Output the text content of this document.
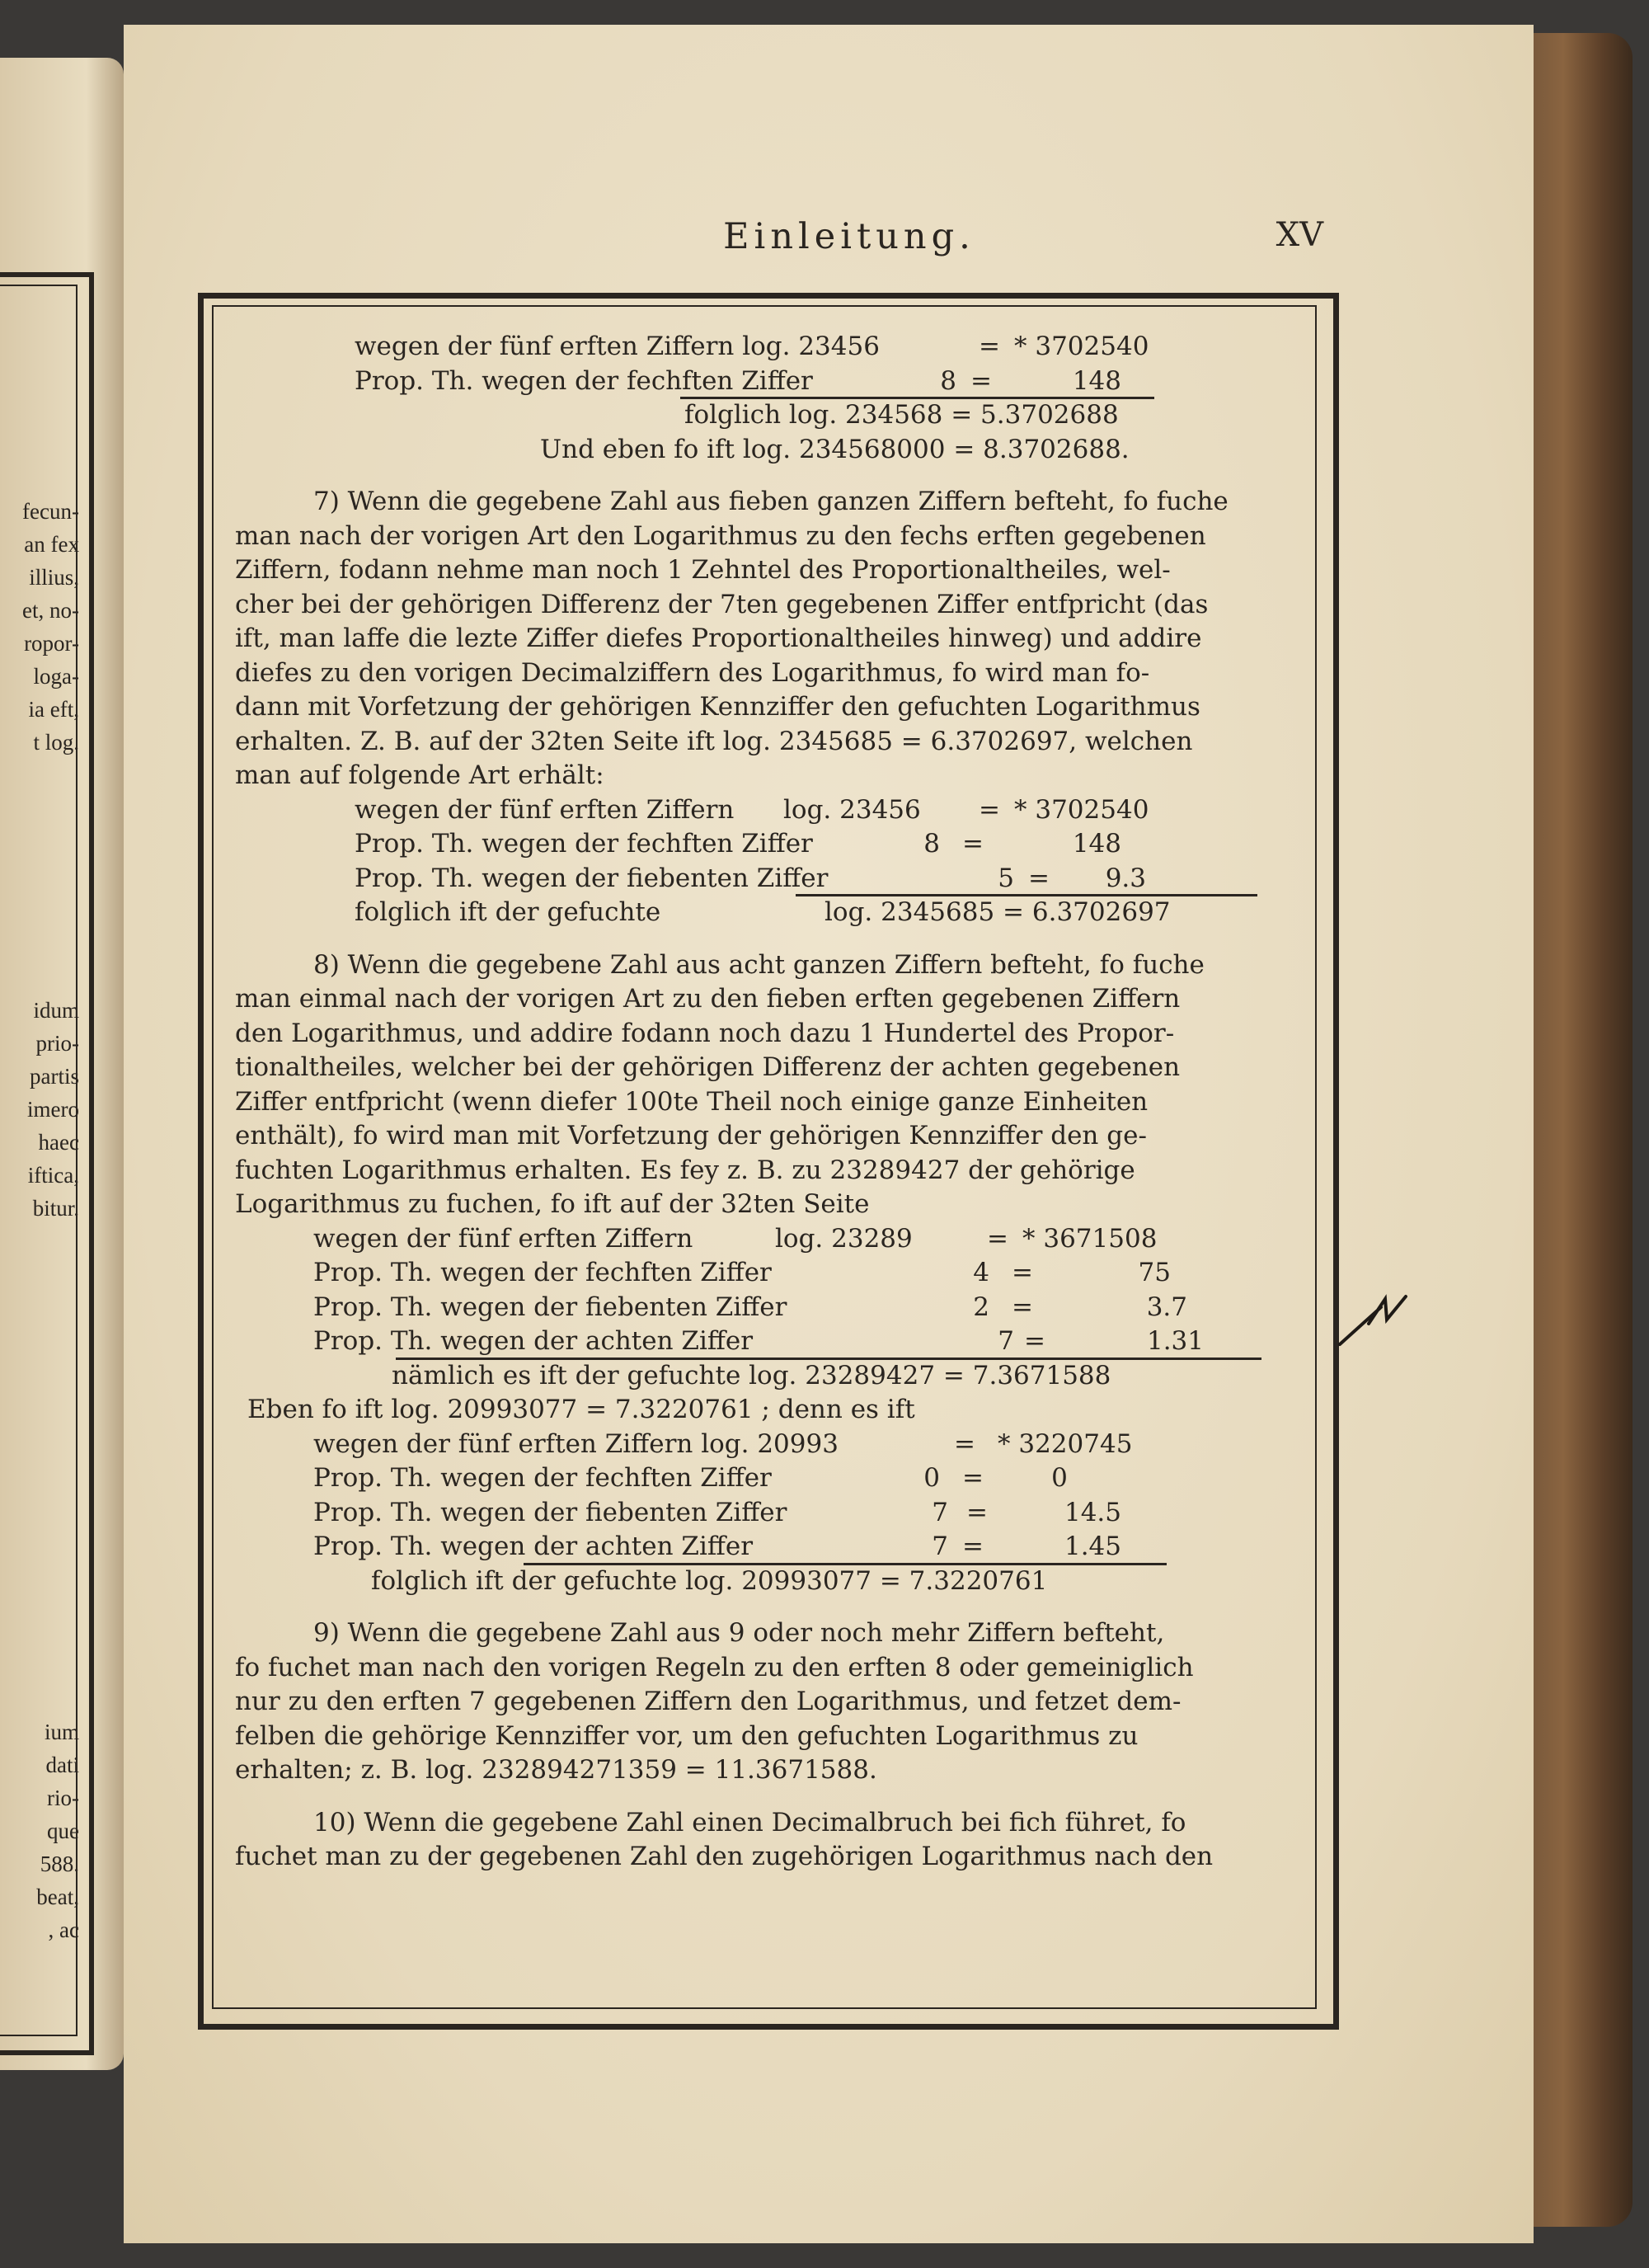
fecun-
an fex
illius,
et, no-
ropor-
loga-
ia eft,
t log.
idum
prio-
partis
imero
haec
iftica,
bitur.
ium
dati
rio-
que
588.
beat,
, ac
Einleitung.	XV
wegen der fünf erften Ziffern log. 23456	= * 3702540
Prop. Th. wegen der fechften Ziffer	8 =	148
folglich log. 234568 = 5.3702688
Und eben fo ift log. 234568000 = 8.3702688.
7) Wenn die gegebene Zahl aus fieben ganzen Ziffern befteht, fo fuche
man nach der vorigen Art den Logarithmus zu den fechs erften gegebenen
Ziffern, fodann nehme man noch 1 Zehntel des Proportionaltheiles, wel-
cher bei der gehörigen Differenz der 7ten gegebenen Ziffer entfpricht (das
ift, man laffe die lezte Ziffer diefes Proportionaltheiles hinweg) und addire
diefes zu den vorigen Decimalziffern des Logarithmus, fo wird man fo-
dann mit Vorfetzung der gehörigen Kennziffer den gefuchten Logarithmus
erhalten. Z. B. auf der 32ten Seite ift log. 2345685 = 6.3702697, welchen
man auf folgende Art erhält:
wegen der fünf erften Ziffern	log. 23456	= * 3702540
Prop. Th. wegen der fechften Ziffer	8 =	148
Prop. Th. wegen der fiebenten Ziffer	5 =	9.3
folglich ift der gefuchte	log. 2345685 = 6.3702697
8) Wenn die gegebene Zahl aus acht ganzen Ziffern befteht, fo fuche
man einmal nach der vorigen Art zu den fieben erften gegebenen Ziffern
den Logarithmus, und addire fodann noch dazu 1 Hundertel des Propor-
tionaltheiles, welcher bei der gehörigen Differenz der achten gegebenen
Ziffer entfpricht (wenn diefer 100te Theil noch einige ganze Einheiten
enthält), fo wird man mit Vorfetzung der gehörigen Kennziffer den ge-
fuchten Logarithmus erhalten. Es fey z. B. zu 23289427 der gehörige
Logarithmus zu fuchen, fo ift auf der 32ten Seite
wegen der fünf erften Ziffern	log. 23289	= * 3671508
Prop. Th. wegen der fechften Ziffer	4 =	75
Prop. Th. wegen der fiebenten Ziffer	2 =	3.7
Prop. Th. wegen der achten Ziffer	7 =	1.31
nämlich es ift der gefuchte log. 23289427 = 7.3671588
Eben fo ift log. 20993077 = 7.3220761 ; denn es ift
wegen der fünf erften Ziffern log. 20993	= * 3220745
Prop. Th. wegen der fechften Ziffer	0 =	0
Prop. Th. wegen der fiebenten Ziffer	7 =	14.5
Prop. Th. wegen der achten Ziffer	7 =	1.45
folglich ift der gefuchte log. 20993077 = 7.3220761
9) Wenn die gegebene Zahl aus 9 oder noch mehr Ziffern befteht,
fo fuchet man nach den vorigen Regeln zu den erften 8 oder gemeiniglich
nur zu den erften 7 gegebenen Ziffern den Logarithmus, und fetzet dem-
felben die gehörige Kennziffer vor, um den gefuchten Logarithmus zu
erhalten; z. B. log. 232894271359 = 11.3671588.
10) Wenn die gegebene Zahl einen Decimalbruch bei fich führet, fo
fuchet man zu der gegebenen Zahl den zugehörigen Logarithmus nach den
